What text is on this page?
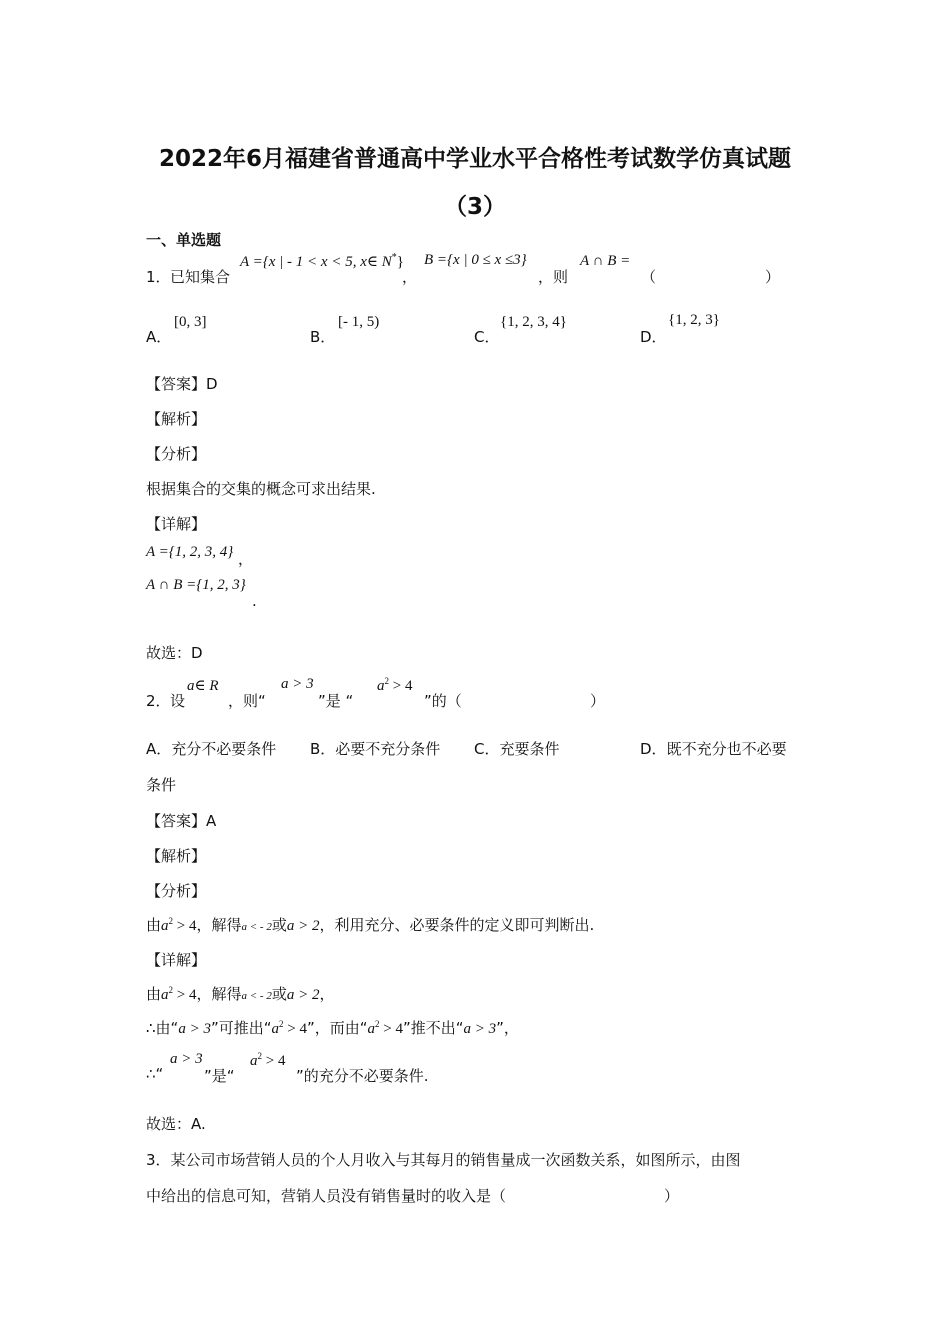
2022年6月福建省普通高中学业水平合格性考试数学仿真试题
（3）
一、单选题
1． 已知集合
A ={x | - 1 < x < 5, x∈ N*}
，
B ={x | 0 ≤ x ≤3}
，则
A ∩ B =
（	）
A．
[0, 3]
B．
[- 1, 5)
C．
{1, 2, 3, 4}
D．
{1, 2, 3}
【答案】D
【解析】
【分析】
根据集合的交集的概念可求出结果.
【详解】
A ={1, 2, 3, 4} ，
A ∩ B ={1, 2, 3}
.
故选：D
2． 设
a∈ R
，则“
a > 3
”是 “
$a^2 > 4$
”的（	）
A．充分不必要条件 B．必要不充分条件 C．充要条件	D．既不充分也不必要
条件
【答案】A
【解析】
【分析】
由$a^2 > 4$，解得a < - 2或a > 2，利用充分、必要条件的定义即可判断出.
【详解】
由$a^2 > 4$，解得a < - 2或a > 2，
∴由“a > 3”可推出“$a^2 > 4$”，而由“$a^2 > 4$”推不出“a > 3”，
∴“
a > 3
”是“
$a^2 > 4$
”的充分不必要条件.
故选：A.
3．某公司市场营销人员的个人月收入与其每月的销售量成一次函数关系，如图所示，由图
中给出的信息可知，营销人员没有销售量时的收入是（	）
